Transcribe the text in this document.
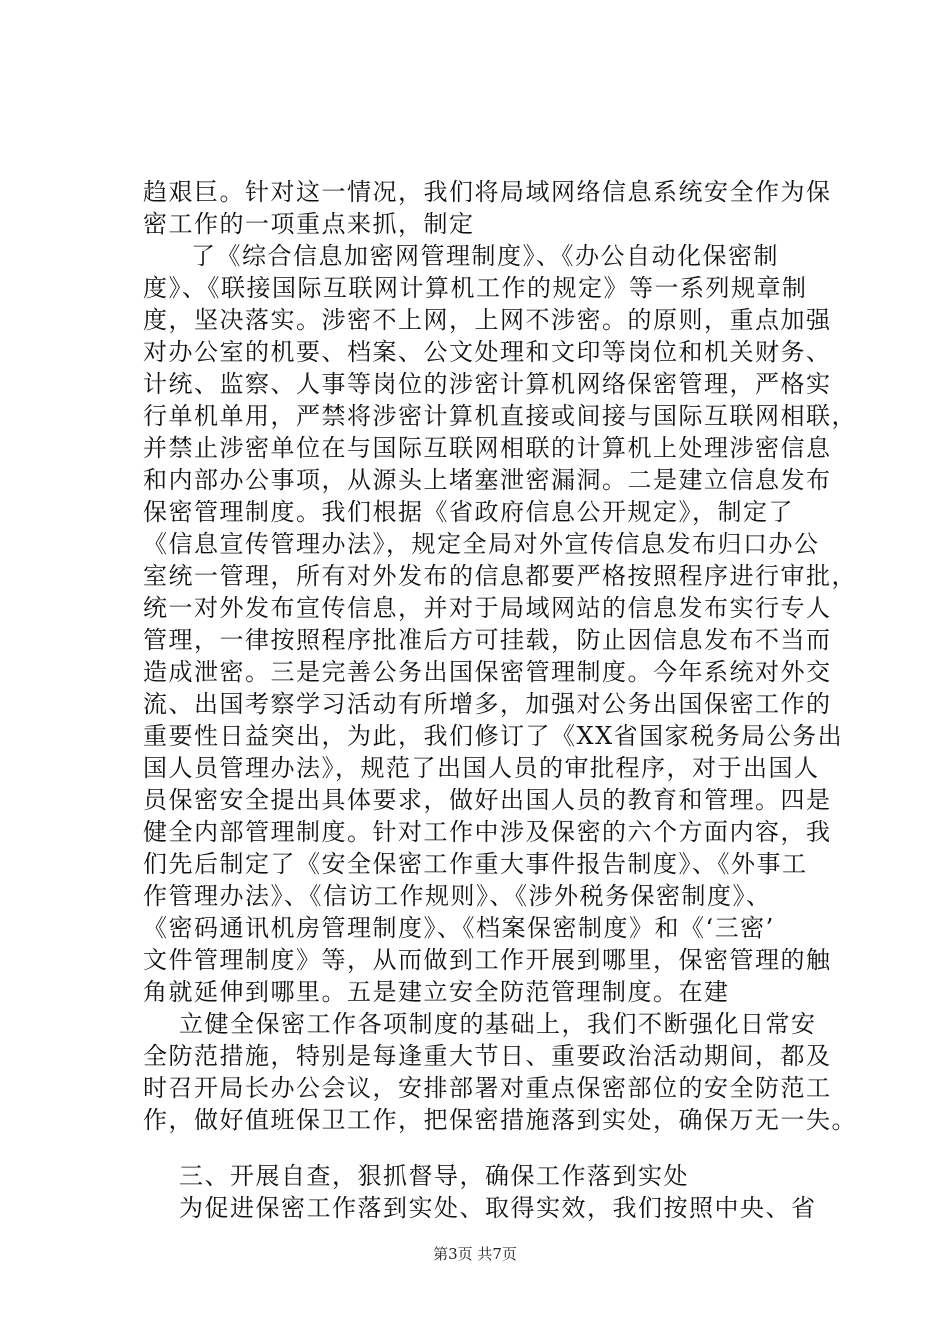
趋艰巨。针对这一情况，我们将局域网络信息系统安全作为保
密工作的一项重点来抓，制定
了《综合信息加密网管理制度》、《办公自动化保密制
度》、《联接国际互联网计算机工作的规定》等一系列规章制
度，坚决落实。涉密不上网，上网不涉密。的原则，重点加强
对办公室的机要、档案、公文处理和文印等岗位和机关财务、
计统、监察、人事等岗位的涉密计算机网络保密管理，严格实
行单机单用，严禁将涉密计算机直接或间接与国际互联网相联，
并禁止涉密单位在与国际互联网相联的计算机上处理涉密信息
和内部办公事项，从源头上堵塞泄密漏洞。二是建立信息发布
保密管理制度。我们根据《省政府信息公开规定》，制定了
《信息宣传管理办法》，规定全局对外宣传信息发布归口办公
室统一管理，所有对外发布的信息都要严格按照程序进行审批，
统一对外发布宣传信息，并对于局域网站的信息发布实行专人
管理，一律按照程序批准后方可挂载，防止因信息发布不当而
造成泄密。三是完善公务出国保密管理制度。今年系统对外交
流、出国考察学习活动有所增多，加强对公务出国保密工作的
重要性日益突出，为此，我们修订了《XX省国家税务局公务出
国人员管理办法》，规范了出国人员的审批程序，对于出国人
员保密安全提出具体要求，做好出国人员的教育和管理。四是
健全内部管理制度。针对工作中涉及保密的六个方面内容，我
们先后制定了《安全保密工作重大事件报告制度》、《外事工
作管理办法》、《信访工作规则》、《涉外税务保密制度》、
《密码通讯机房管理制度》、《档案保密制度》和《‘三密’
文件管理制度》等，从而做到工作开展到哪里，保密管理的触
角就延伸到哪里。五是建立安全防范管理制度。在建
立健全保密工作各项制度的基础上，我们不断强化日常安
全防范措施，特别是每逢重大节日、重要政治活动期间，都及
时召开局长办公会议，安排部署对重点保密部位的安全防范工
作，做好值班保卫工作，把保密措施落到实处，确保万无一失。
三、开展自查，狠抓督导，确保工作落到实处
为促进保密工作落到实处、取得实效，我们按照中央、省
第3页 共7页
